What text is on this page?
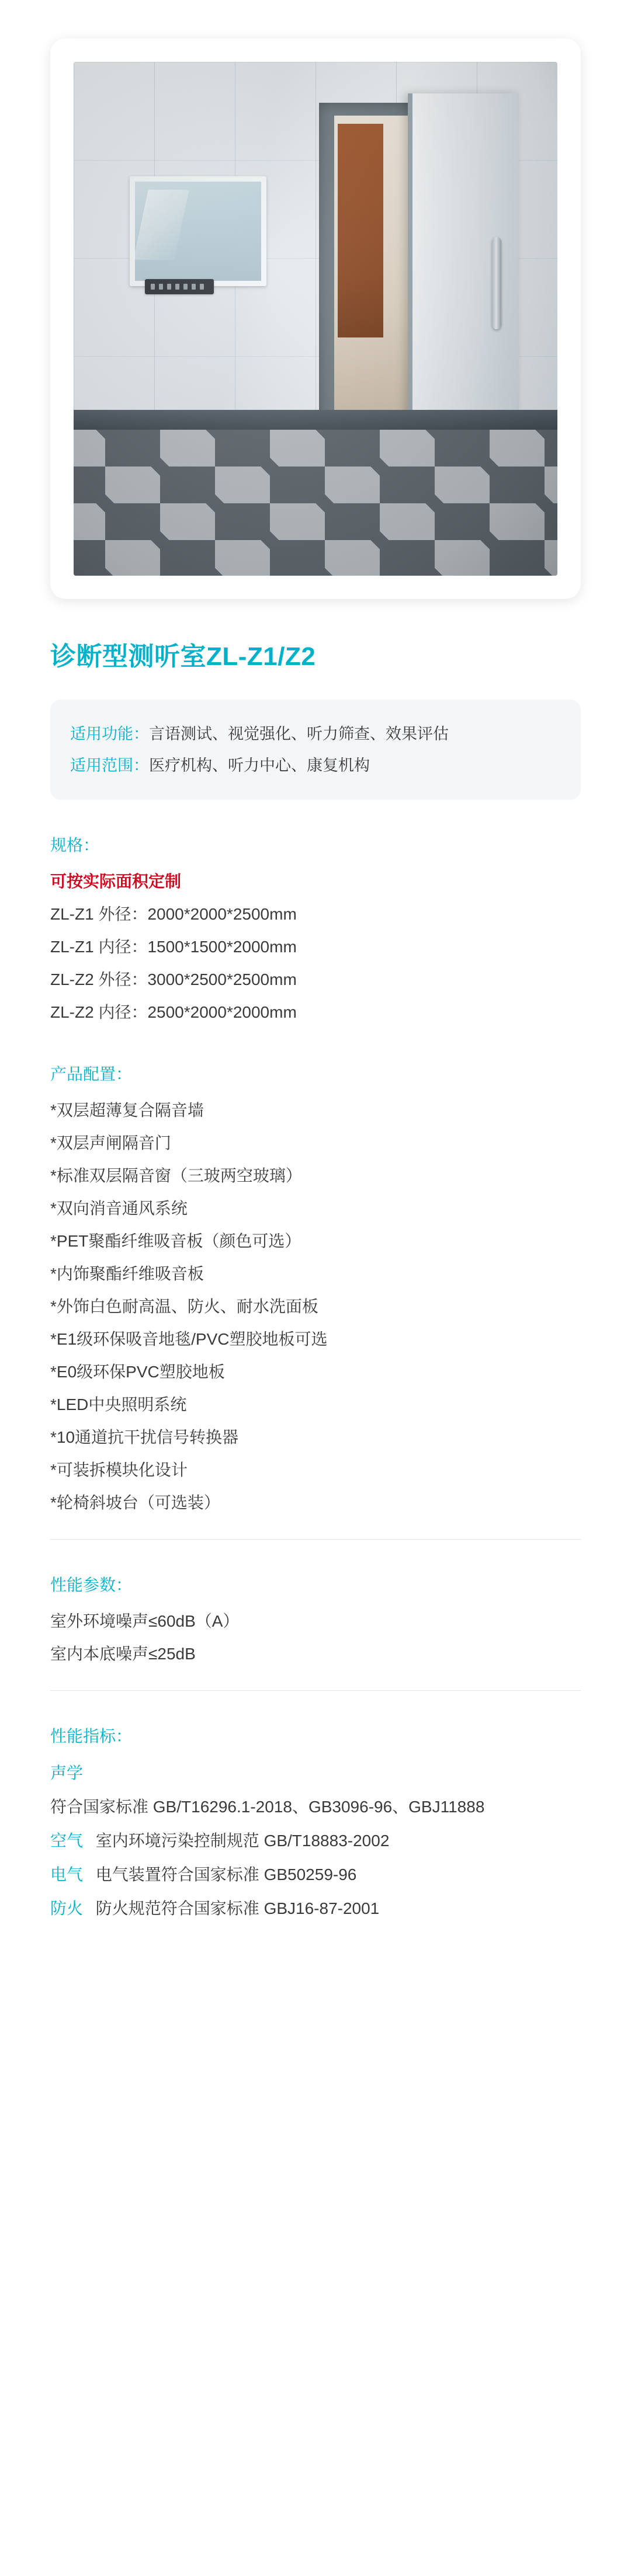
诊断型测听室ZL-Z1/Z2
适用功能： 言语测试、视觉强化、听力筛查、效果评估
适用范围： 医疗机构、听力中心、康复机构
规格：
可按实际面积定制
ZL-Z1 外径：2000*2000*2500mm
ZL-Z1 内径：1500*1500*2000mm
ZL-Z2 外径：3000*2500*2500mm
ZL-Z2 内径：2500*2000*2000mm
产品配置：
*双层超薄复合隔音墙
*双层声闸隔音门
*标准双层隔音窗（三玻两空玻璃）
*双向消音通风系统
*PET聚酯纤维吸音板（颜色可选）
*内饰聚酯纤维吸音板
*外饰白色耐高温、防火、耐水洗面板
*E1级环保吸音地毯/PVC塑胶地板可选
*E0级环保PVC塑胶地板
*LED中央照明系统
*10通道抗干扰信号转换器
*可装拆模块化设计
*轮椅斜坡台（可选装）
性能参数：
室外环境噪声≤60dB（A）
室内本底噪声≤25dB
性能指标：
声学
符合国家标准 GB/T16296.1-2018、GB3096-96、GBJ11888
空气 室内环境污染控制规范 GB/T18883-2002
电气 电气装置符合国家标准 GB50259-96
防火 防火规范符合国家标准 GBJ16-87-2001
